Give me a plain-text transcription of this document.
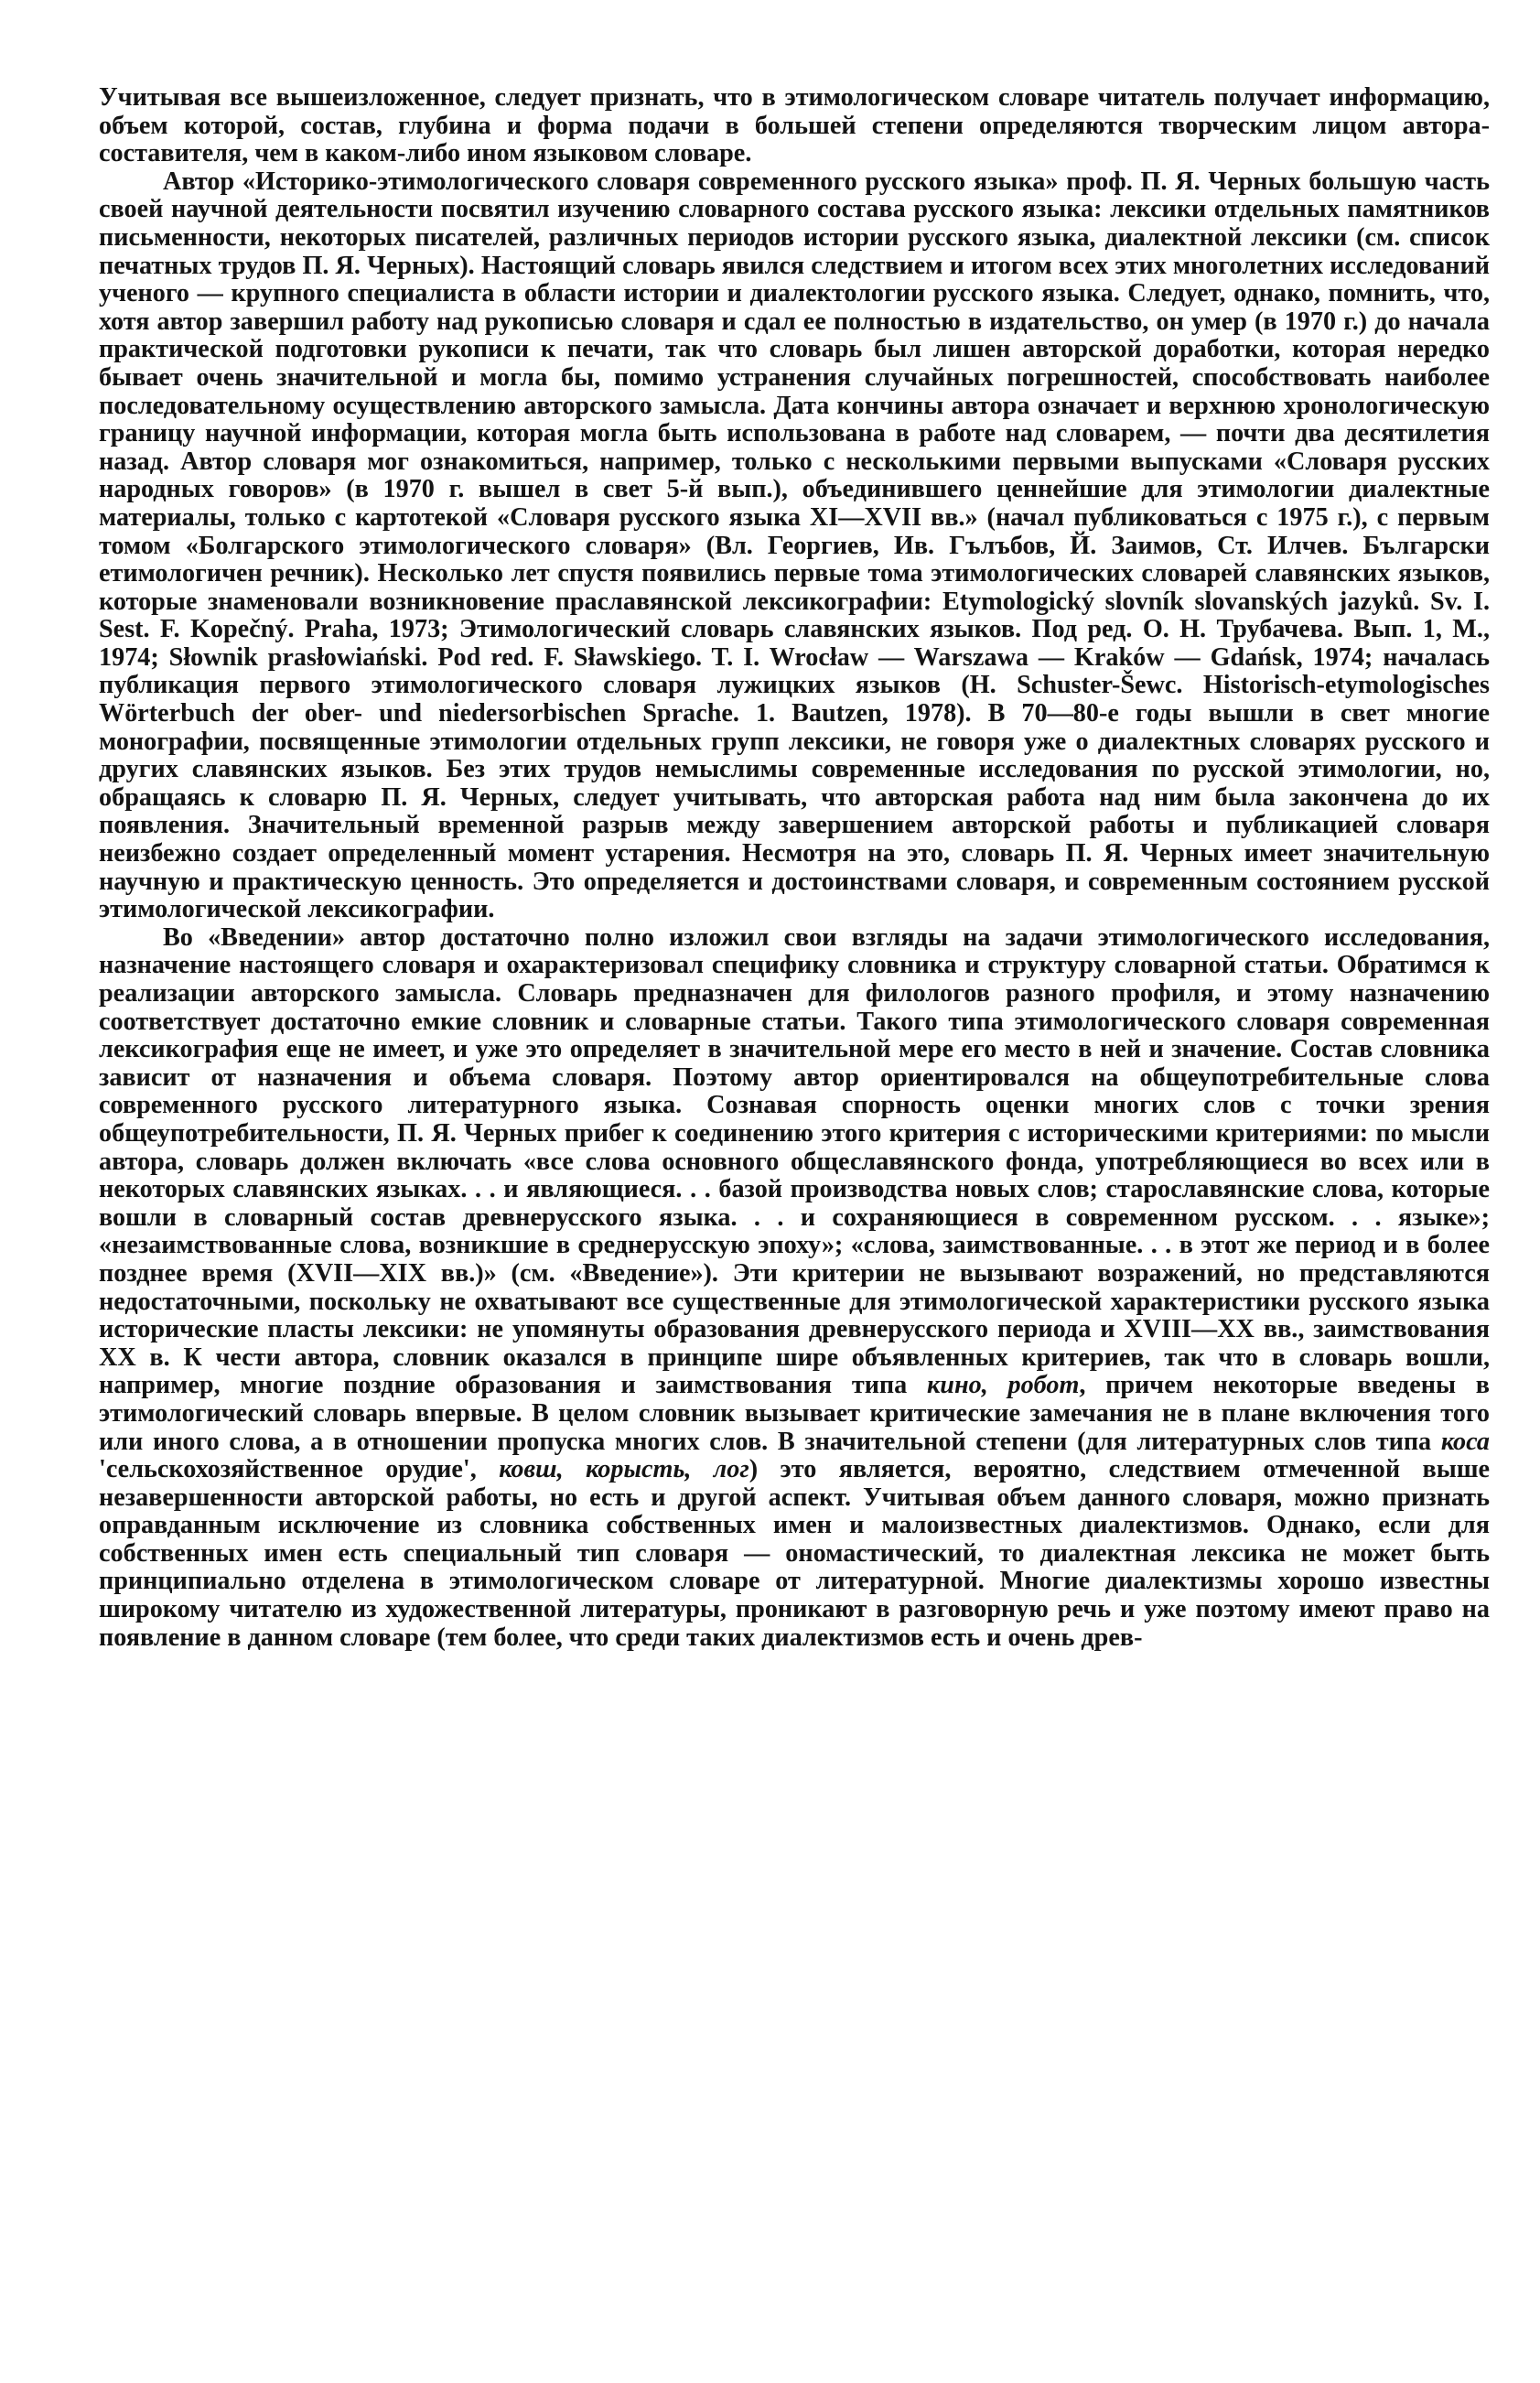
Учитывая все вышеизложенное, следует признать, что в этимологическом словаре читатель получает информацию, объем которой, состав, глубина и форма подачи в большей степени определяются творческим лицом автора-составителя, чем в каком-либо ином языковом словаре.

Автор «Историко-этимологического словаря современного русского языка» проф. П. Я. Черных большую часть своей научной деятельности посвятил изучению словарного состава русского языка: лексики отдельных памятников письменности, некоторых писателей, различных периодов истории русского языка, диалектной лексики (см. список печатных трудов П. Я. Черных). Настоящий словарь явился следствием и итогом всех этих многолетних исследований ученого — крупного специалиста в области истории и диалектологии русского языка. Следует, однако, помнить, что, хотя автор завершил работу над рукописью словаря и сдал ее полностью в издательство, он умер (в 1970 г.) до начала практической подготовки рукописи к печати, так что словарь был лишен авторской доработки, которая нередко бывает очень значительной и могла бы, помимо устранения случайных погрешностей, способствовать наиболее последовательному осуществлению авторского замысла. Дата кончины автора означает и верхнюю хронологическую границу научной информации, которая могла быть использована в работе над словарем, — почти два десятилетия назад. Автор словаря мог ознакомиться, например, только с несколькими первыми выпусками «Словаря русских народных говоров» (в 1970 г. вышел в свет 5-й вып.), объединившего ценнейшие для этимологии диалектные материалы, только с картотекой «Словаря русского языка XI—XVII вв.» (начал публиковаться с 1975 г.), с первым томом «Болгарского этимологического словаря» (Вл. Георгиев, Ив. Гълъбов, Й. Заимов, Ст. Илчев. Български етимологичен речник). Несколько лет спустя появились первые тома этимологических словарей славянских языков, которые знаменовали возникновение праславянской лексикографии: Etymologický slovník slovanských jazyků. Sv. I. Sest. F. Kopečný. Praha, 1973; Этимологический словарь славянских языков. Под ред. О. Н. Трубачева. Вып. 1, М., 1974; Słownik prasłowiański. Pod red. F. Sławskiego. T. I. Wrocław — Warszawa — Kraków — Gdańsk, 1974; началась публикация первого этимологического словаря лужицких языков (H. Schuster-Šewc. Historisch-etymologisches Wörterbuch der ober- und niedersorbischen Sprache. 1. Bautzen, 1978). В 70—80-е годы вышли в свет многие монографии, посвященные этимологии отдельных групп лексики, не говоря уже о диалектных словарях русского и других славянских языков. Без этих трудов немыслимы современные исследования по русской этимологии, но, обращаясь к словарю П. Я. Черных, следует учитывать, что авторская работа над ним была закончена до их появления. Значительный временной разрыв между завершением авторской работы и публикацией словаря неизбежно создает определенный момент устарения. Несмотря на это, словарь П. Я. Черных имеет значительную научную и практическую ценность. Это определяется и достоинствами словаря, и современным состоянием русской этимологической лексикографии.

Во «Введении» автор достаточно полно изложил свои взгляды на задачи этимологического исследования, назначение настоящего словаря и охарактеризовал специфику словника и структуру словарной статьи. Обратимся к реализации авторского замысла. Словарь предназначен для филологов разного профиля, и этому назначению соответствует достаточно емкие словник и словарные статьи. Такого типа этимологического словаря современная лексикография еще не имеет, и уже это определяет в значительной мере его место в ней и значение. Состав словника зависит от назначения и объема словаря. Поэтому автор ориентировался на общеупотребительные слова современного русского литературного языка. Сознавая спорность оценки многих слов с точки зрения общеупотребительности, П. Я. Черных прибег к соединению этого критерия с историческими критериями: по мысли автора, словарь должен включать «все слова основного общеславянского фонда, употребляющиеся во всех или в некоторых славянских языках. . . и являющиеся. . . базой производства новых слов; старославянские слова, которые вошли в словарный состав древнерусского языка. . . и сохраняющиеся в современном русском. . . языке»; «незаимствованные слова, возникшие в среднерусскую эпоху»; «слова, заимствованные. . . в этот же период и в более позднее время (XVII—XIX вв.)» (см. «Введение»). Эти критерии не вызывают возражений, но представляются недостаточными, поскольку не охватывают все существенные для этимологической характеристики русского языка исторические пласты лексики: не упомянуты образования древнерусского периода и XVIII—XX вв., заимствования XX в. К чести автора, словник оказался в принципе шире объявленных критериев, так что в словарь вошли, например, многие поздние образования и заимствования типа кино, робот, причем некоторые введены в этимологический словарь впервые. В целом словник вызывает критические замечания не в плане включения того или иного слова, а в отношении пропуска многих слов. В значительной степени (для литературных слов типа коса 'сельскохозяйственное орудие', ковш, корысть, лог) это является, вероятно, следствием отмеченной выше незавершенности авторской работы, но есть и другой аспект. Учитывая объем данного словаря, можно признать оправданным исключение из словника собственных имен и малоизвестных диалектизмов. Однако, если для собственных имен есть специальный тип словаря — ономастический, то диалектная лексика не может быть принципиально отделена в этимологическом словаре от литературной. Многие диалектизмы хорошо известны широкому читателю из художественной литературы, проникают в разговорную речь и уже поэтому имеют право на появление в данном словаре (тем более, что среди таких диалектизмов есть и очень древ-
